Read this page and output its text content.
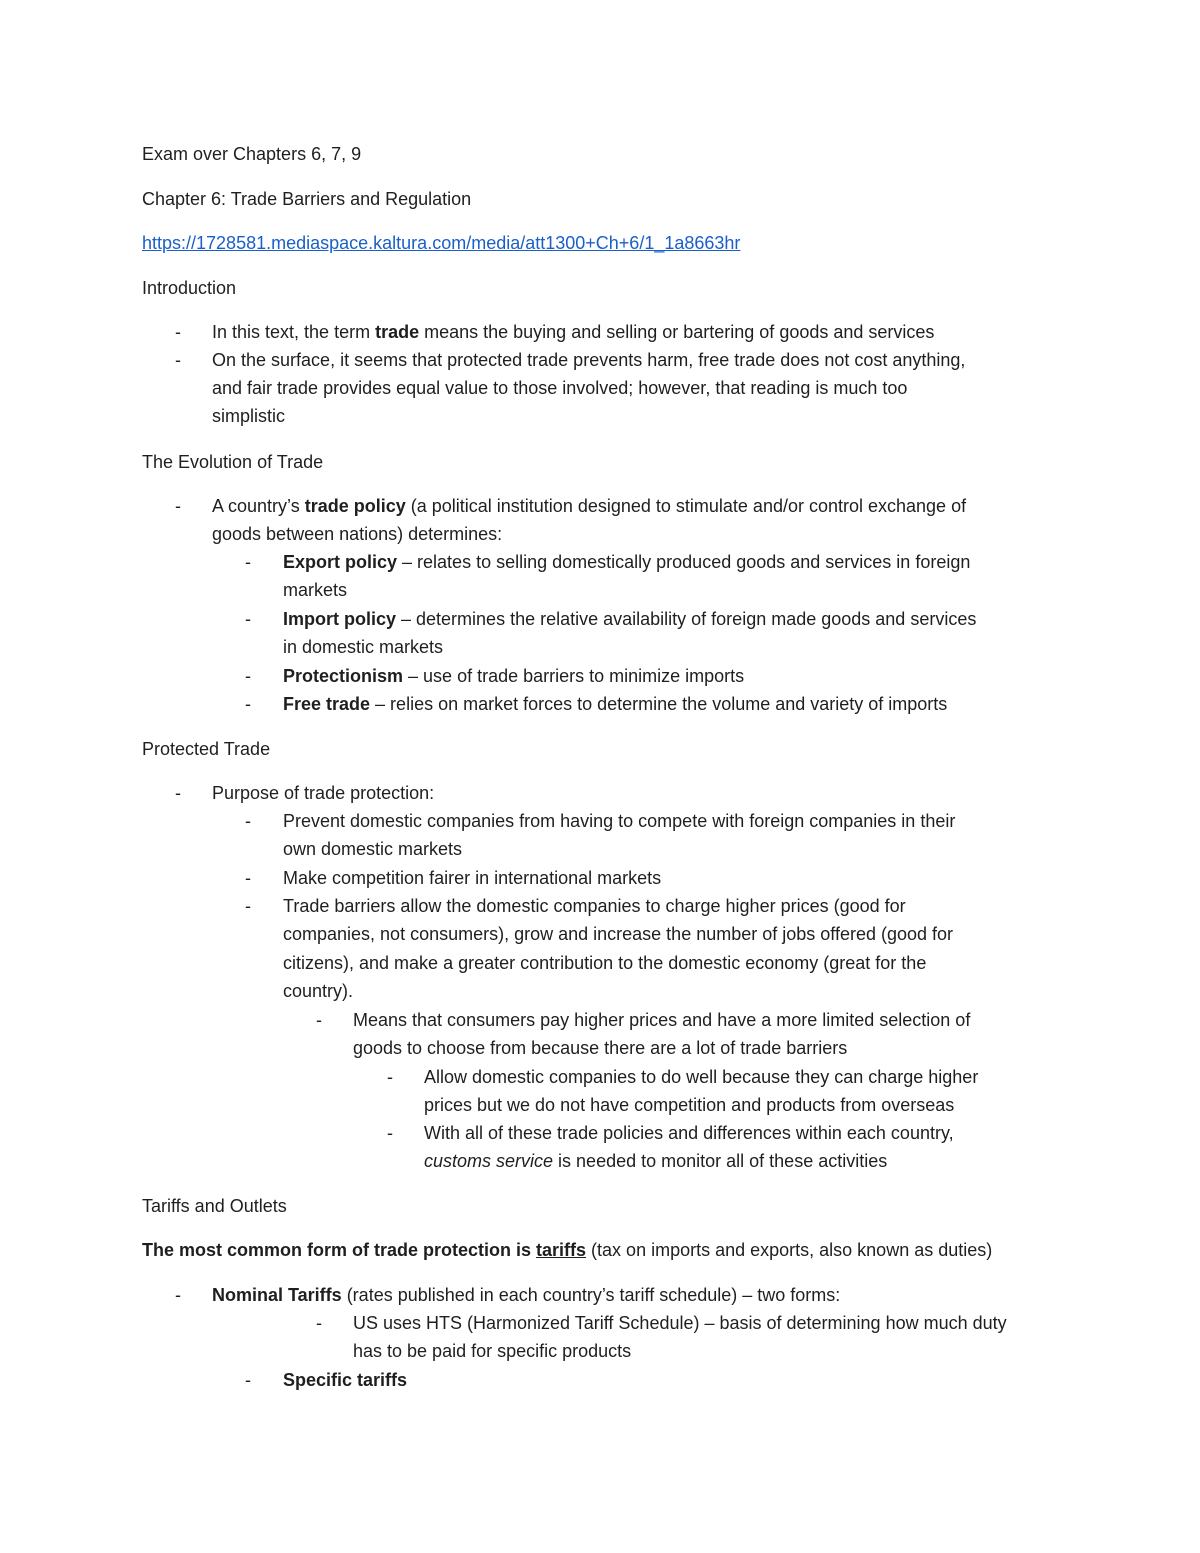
Exam over Chapters 6, 7, 9
Chapter 6: Trade Barriers and Regulation
https://1728581.mediaspace.kaltura.com/media/att1300+Ch+6/1_1a8663hr
Introduction
- In this text, the term trade means the buying and selling or bartering of goods and services
- On the surface, it seems that protected trade prevents harm, free trade does not cost anything,
and fair trade provides equal value to those involved; however, that reading is much too
simplistic
The Evolution of Trade
- A country’s trade policy (a political institution designed to stimulate and/or control exchange of
goods between nations) determines:
- Export policy – relates to selling domestically produced goods and services in foreign
markets
- Import policy – determines the relative availability of foreign made goods and services
in domestic markets
- Protectionism – use of trade barriers to minimize imports
- Free trade – relies on market forces to determine the volume and variety of imports
Protected Trade
- Purpose of trade protection:
- Prevent domestic companies from having to compete with foreign companies in their
own domestic markets
- Make competition fairer in international markets
- Trade barriers allow the domestic companies to charge higher prices (good for
companies, not consumers), grow and increase the number of jobs offered (good for
citizens), and make a greater contribution to the domestic economy (great for the
country).
- Means that consumers pay higher prices and have a more limited selection of
goods to choose from because there are a lot of trade barriers
- Allow domestic companies to do well because they can charge higher
prices but we do not have competition and products from overseas
- With all of these trade policies and differences within each country,
customs service is needed to monitor all of these activities
Tariffs and Outlets
The most common form of trade protection is tariffs (tax on imports and exports, also known as duties)
- Nominal Tariffs (rates published in each country’s tariff schedule) – two forms:
- US uses HTS (Harmonized Tariff Schedule) – basis of determining how much duty
has to be paid for specific products
- Specific tariffs
